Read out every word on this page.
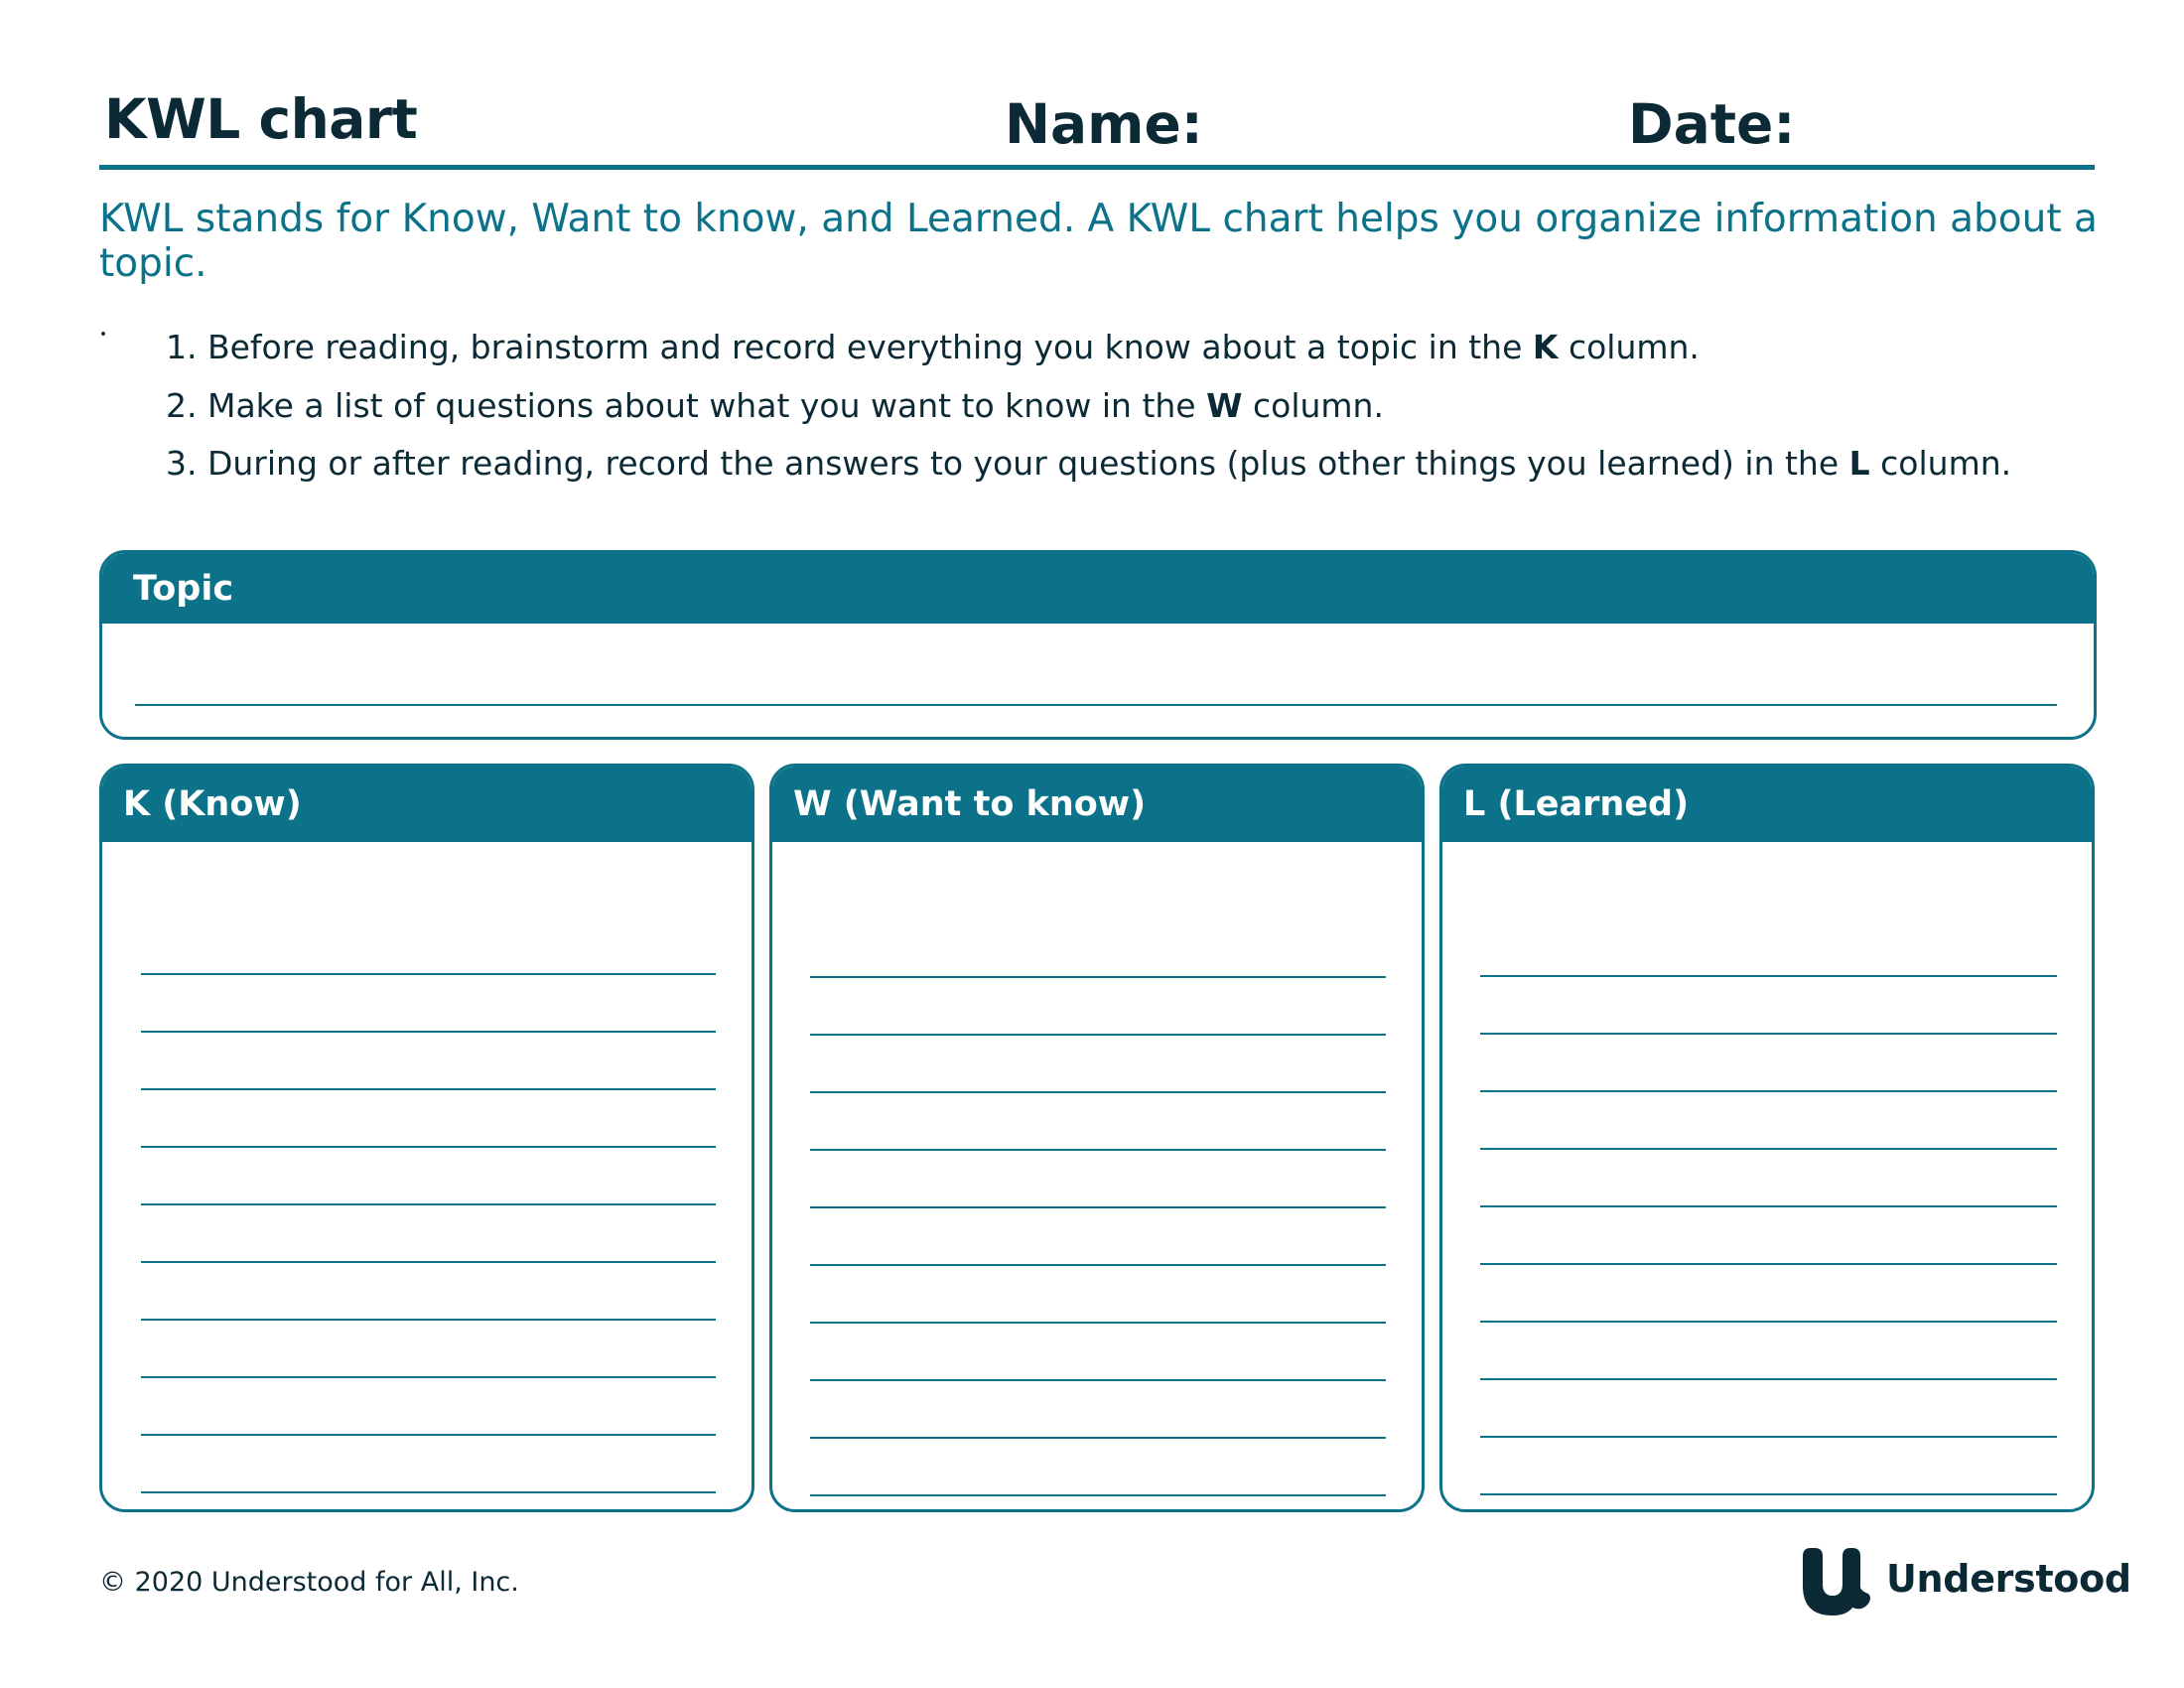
KWL chart	Name:	Date:
KWL stands for Know, Want to know, and Learned. A KWL chart helps you organize information about a topic.
1. Before reading, brainstorm and record everything you know about a topic in the K column.
2. Make a list of questions about what you want to know in the W column.
3. During or after reading, record the answers to your questions (plus other things you learned) in the L column.
Topic
K (Know)	W (Want to know)	L (Learned)
© 2020 Understood for All, Inc.	Understood
